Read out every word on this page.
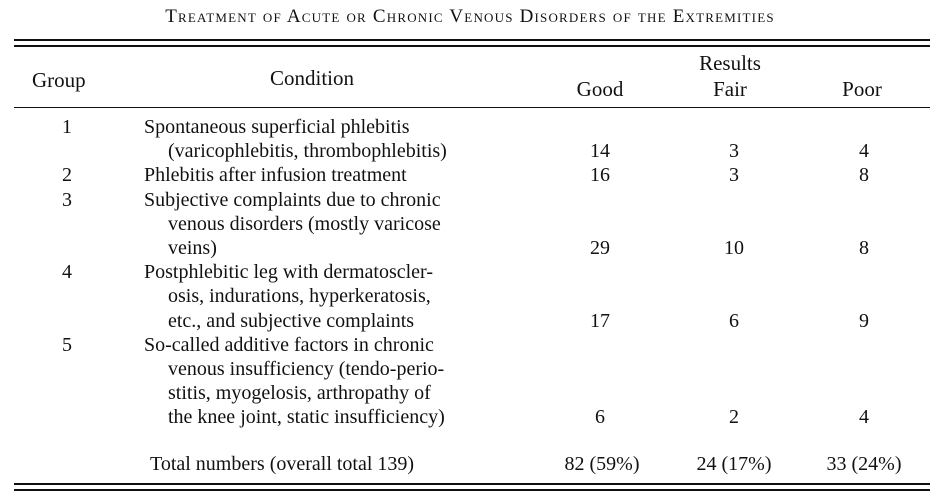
Treatment of Acute or Chronic Venous Disorders of the Extremities
Group	Condition
Results
Good	Fair	Poor
1	Spontaneous superficial phlebitis
(varicophlebitis, thrombophlebitis)	14	3	4
2	Phlebitis after infusion treatment	16	3	8
3	Subjective complaints due to chronic
venous disorders (mostly varicose
veins)	29	10	8
4	Postphlebitic leg with dermatoscler-
osis, indurations, hyperkeratosis,
etc., and subjective complaints	17	6	9
5	So-called additive factors in chronic
venous insufficiency (tendo-perio-
stitis, myogelosis, arthropathy of
the knee joint, static insufficiency)	6	2	4
Total numbers (overall total 139)	82 (59%)	24 (17%)	33 (24%)
